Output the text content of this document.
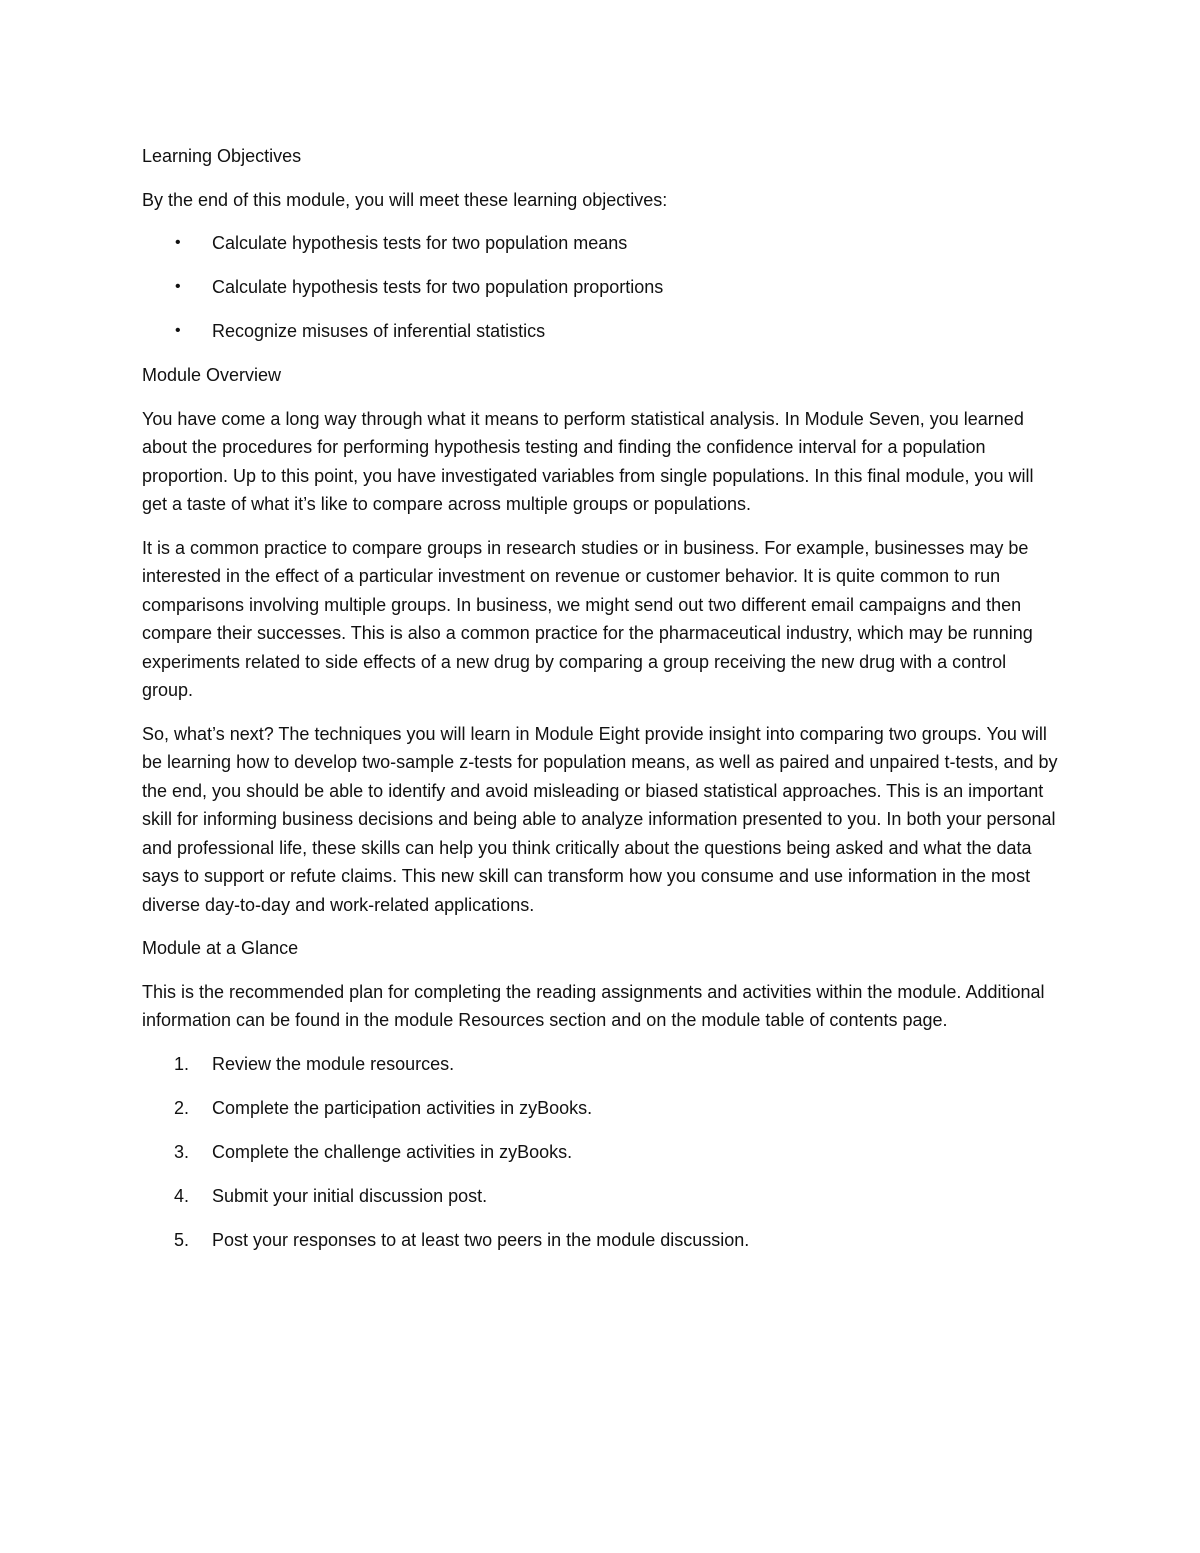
Learning Objectives

By the end of this module, you will meet these learning objectives:

• Calculate hypothesis tests for two population means
• Calculate hypothesis tests for two population proportions
• Recognize misuses of inferential statistics
Module Overview

You have come a long way through what it means to perform statistical analysis. In Module Seven, you learned about the procedures for performing hypothesis testing and finding the confidence interval for a population proportion. Up to this point, you have investigated variables from single populations. In this final module, you will get a taste of what it’s like to compare across multiple groups or populations.

It is a common practice to compare groups in research studies or in business. For example, businesses may be interested in the effect of a particular investment on revenue or customer behavior. It is quite common to run comparisons involving multiple groups. In business, we might send out two different email campaigns and then compare their successes. This is also a common practice for the pharmaceutical industry, which may be running experiments related to side effects of a new drug by comparing a group receiving the new drug with a control group.

So, what’s next? The techniques you will learn in Module Eight provide insight into comparing two groups. You will be learning how to develop two-sample z-tests for population means, as well as paired and unpaired t-tests, and by the end, you should be able to identify and avoid misleading or biased statistical approaches. This is an important skill for informing business decisions and being able to analyze information presented to you. In both your personal and professional life, these skills can help you think critically about the questions being asked and what the data says to support or refute claims. This new skill can transform how you consume and use information in the most diverse day-to-day and work-related applications.

Module at a Glance

This is the recommended plan for completing the reading assignments and activities within the module. Additional information can be found in the module Resources section and on the module table of contents page.

1. Review the module resources.
2. Complete the participation activities in zyBooks.
3. Complete the challenge activities in zyBooks.
4. Submit your initial discussion post.
5. Post your responses to at least two peers in the module discussion.
